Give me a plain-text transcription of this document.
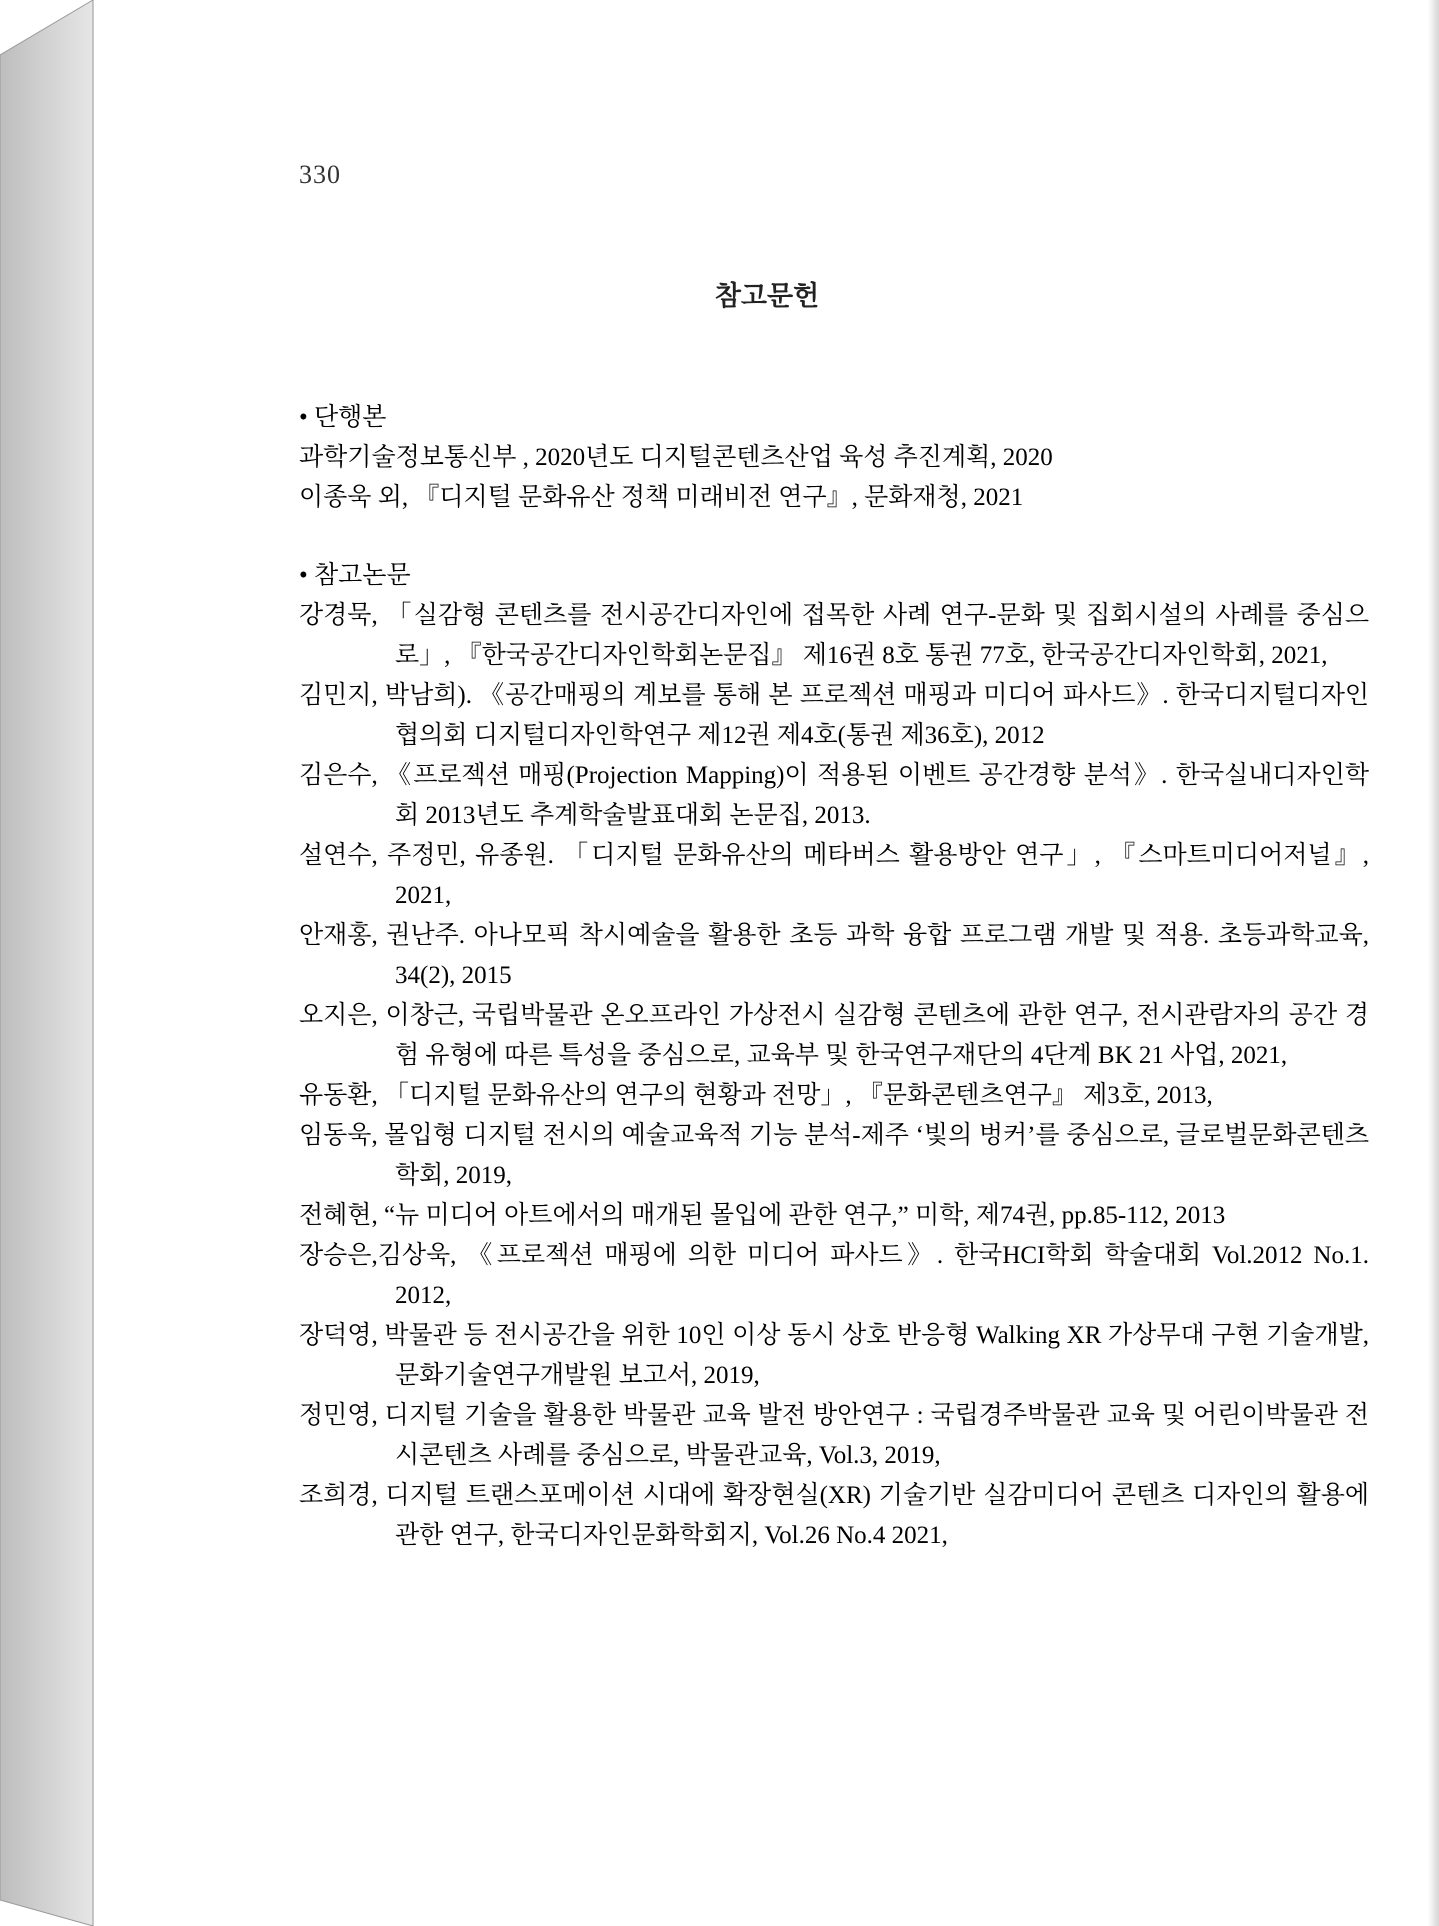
330
참고문헌
• 단행본
과학기술정보통신부 , 2020년도 디지털콘텐츠산업 육성 추진계획, 2020
이종욱 외, 『디지털 문화유산 정책 미래비전 연구』, 문화재청, 2021
• 참고논문
강경묵, 「실감형 콘텐츠를 전시공간디자인에 접목한 사례 연구-문화 및 집회시설의 사례를 중심으로」, 『한국공간디자인학회논문집』 제16권 8호 통권 77호, 한국공간디자인학회, 2021,
김민지, 박남희). 《공간매핑의 계보를 통해 본 프로젝션 매핑과 미디어 파사드》. 한국디지털디자인협의회 디지털디자인학연구 제12권 제4호(통권 제36호), 2012
김은수, 《프로젝션 매핑(Projection Mapping)이 적용된 이벤트 공간경향 분석》. 한국실내디자인학회 2013년도 추계학술발표대회 논문집, 2013.
설연수, 주정민, 유종원. 「디지털 문화유산의 메타버스 활용방안 연구」, 『스마트미디어저널』, 2021,
안재홍, 권난주. 아나모픽 착시예술을 활용한 초등 과학 융합 프로그램 개발 및 적용. 초등과학교육, 34(2), 2015
오지은, 이창근, 국립박물관 온오프라인 가상전시 실감형 콘텐츠에 관한 연구, 전시관람자의 공간 경험 유형에 따른 특성을 중심으로, 교육부 및 한국연구재단의 4단계 BK 21 사업, 2021,
유동환, 「디지털 문화유산의 연구의 현황과 전망」, 『문화콘텐츠연구』 제3호, 2013,
임동욱, 몰입형 디지털 전시의 예술교육적 기능 분석-제주 ‘빛의 벙커’를 중심으로, 글로벌문화콘텐츠학회, 2019,
전혜현, “뉴 미디어 아트에서의 매개된 몰입에 관한 연구,” 미학, 제74권, pp.85-112, 2013
장승은,김상욱, 《프로젝션 매핑에 의한 미디어 파사드》. 한국HCI학회 학술대회 Vol.2012 No.1. 2012,
장덕영, 박물관 등 전시공간을 위한 10인 이상 동시 상호 반응형 Walking XR 가상무대 구현 기술개발, 문화기술연구개발원 보고서, 2019,
정민영, 디지털 기술을 활용한 박물관 교육 발전 방안연구 : 국립경주박물관 교육 및 어린이박물관 전시콘텐츠 사례를 중심으로, 박물관교육, Vol.3, 2019,
조희경, 디지털 트랜스포메이션 시대에 확장현실(XR) 기술기반 실감미디어 콘텐츠 디자인의 활용에 관한 연구, 한국디자인문화학회지, Vol.26 No.4 2021,
